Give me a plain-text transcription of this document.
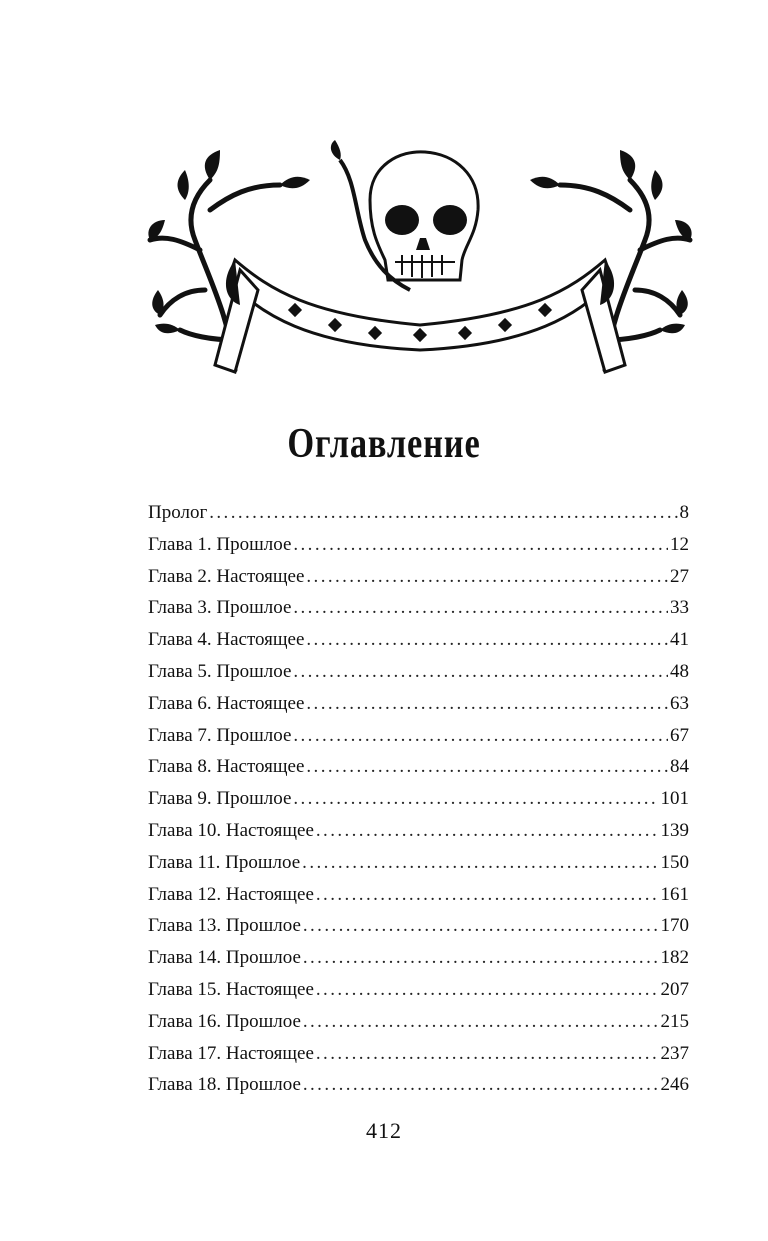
Оглавление
Пролог .....	8
Глава 1. Прошлое .....	12
Глава 2. Настоящее .....	27
Глава 3. Прошлое .....	33
Глава 4. Настоящее .....	41
Глава 5. Прошлое .....	48
Глава 6. Настоящее .....	63
Глава 7. Прошлое .....	67
Глава 8. Настоящее .....	84
Глава 9. Прошлое .....	101
Глава 10. Настоящее .....	139
Глава 11. Прошлое .....	150
Глава 12. Настоящее .....	161
Глава 13. Прошлое .....	170
Глава 14. Прошлое .....	182
Глава 15. Настоящее .....	207
Глава 16. Прошлое .....	215
Глава 17. Настоящее .....	237
Глава 18. Прошлое .....	246
412
